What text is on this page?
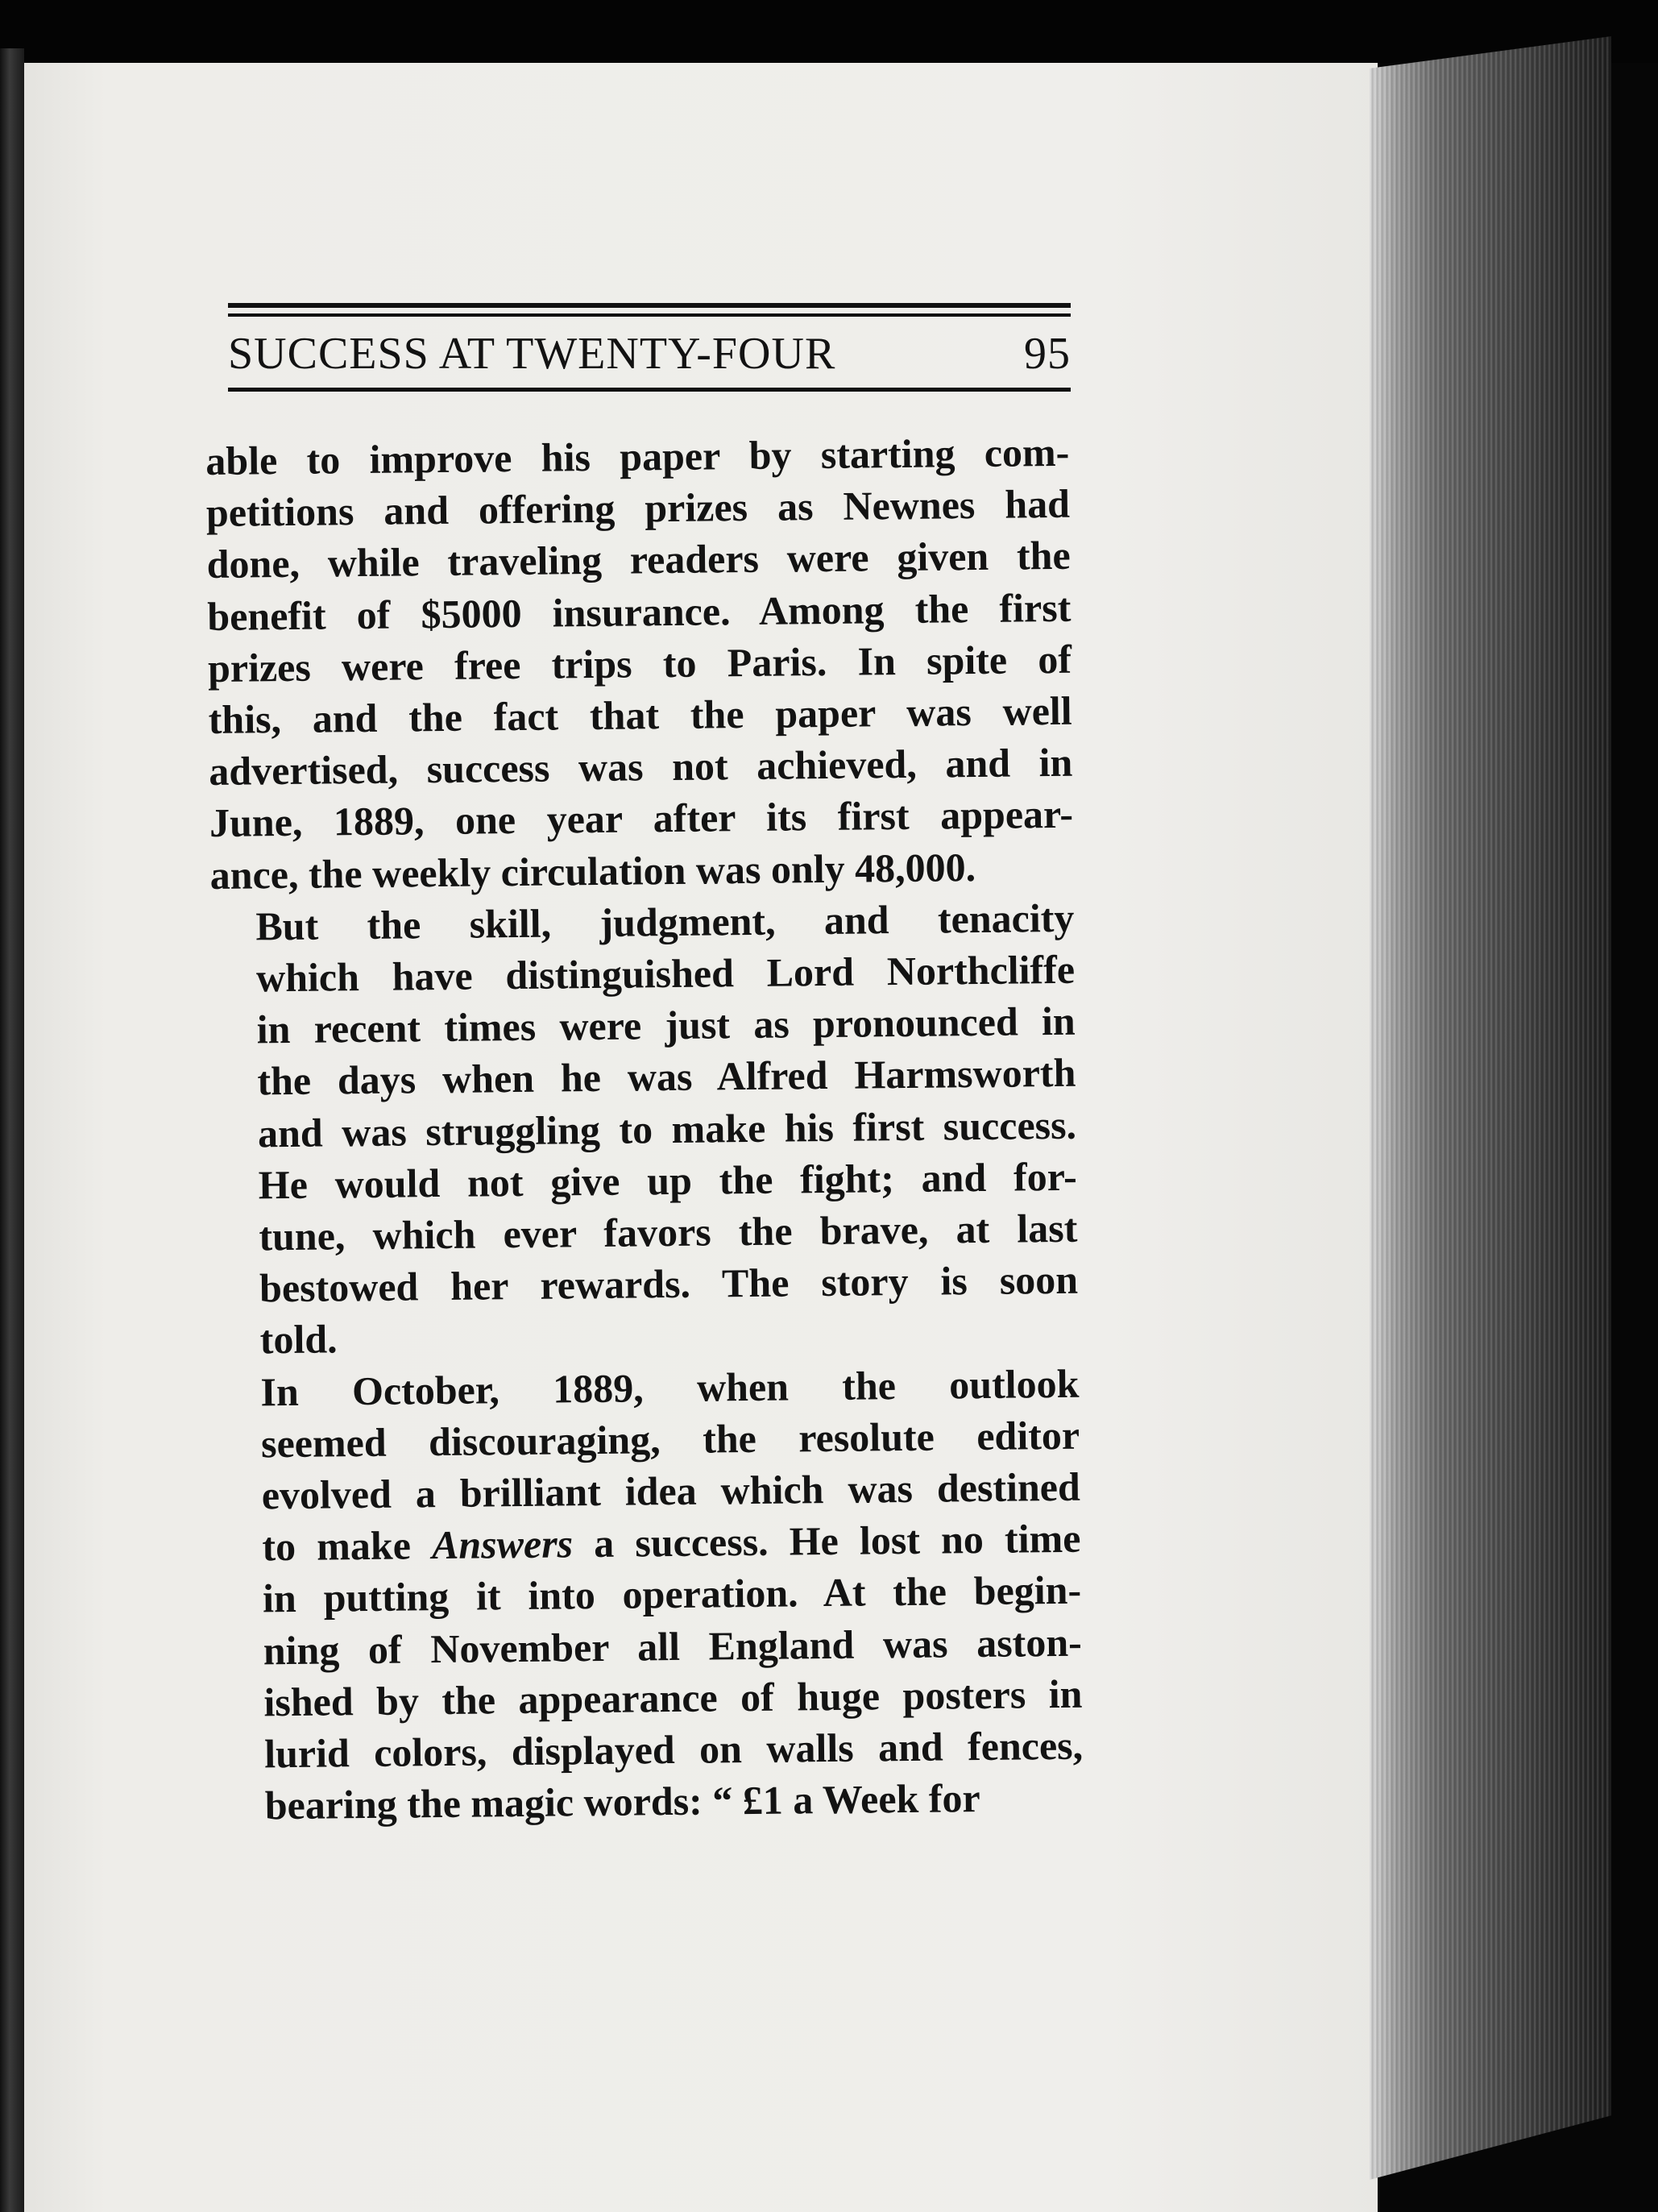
SUCCESS AT TWENTY-FOUR	95

able to improve his paper by starting com-
petitions and offering prizes as Newnes had
done, while traveling readers were given the
benefit of $5000 insurance. Among the first
prizes were free trips to Paris. In spite of
this, and the fact that the paper was well
advertised, success was not achieved, and in
June, 1889, one year after its first appear-
ance, the weekly circulation was only 48,000.

But the skill, judgment, and tenacity
which have distinguished Lord Northcliffe
in recent times were just as pronounced in
the days when he was Alfred Harmsworth
and was struggling to make his first success.
He would not give up the fight; and for-
tune, which ever favors the brave, at last
bestowed her rewards. The story is soon
told.

In October, 1889, when the outlook
seemed discouraging, the resolute editor
evolved a brilliant idea which was destined
to make Answers a success. He lost no time
in putting it into operation. At the begin-
ning of November all England was aston-
ished by the appearance of huge posters in
lurid colors, displayed on walls and fences,
bearing the magic words: “ £1 a Week for
